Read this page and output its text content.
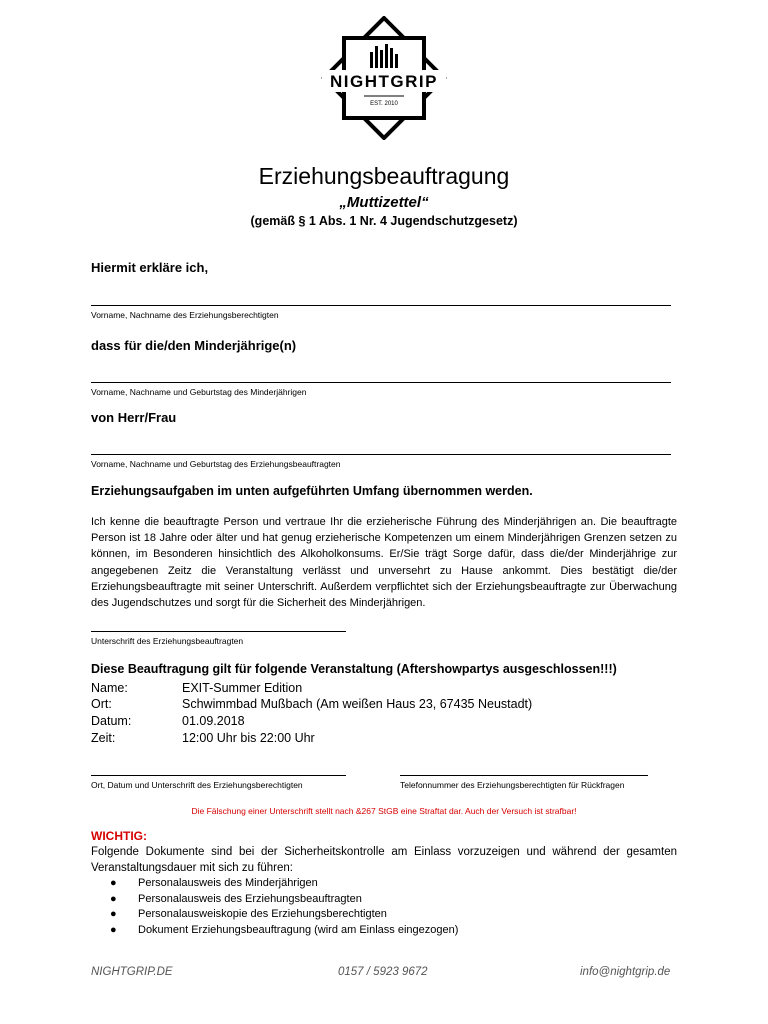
NIGHTGRIP
EST. 2010
Erziehungsbeauftragung
„Muttizettel“
(gemäß § 1 Abs. 1 Nr. 4 Jugendschutzgesetz)
Hiermit erkläre ich,
Vorname, Nachname des Erziehungsberechtigten
dass für die/den Minderjährige(n)
Vorname, Nachname und Geburtstag des Minderjährigen
von Herr/Frau
Vorname, Nachname und Geburtstag des Erziehungsbeauftragten
Erziehungsaufgaben im unten aufgeführten Umfang übernommen werden.
Ich kenne die beauftragte Person und vertraue Ihr die erzieherische Führung des Minderjährigen an. Die beauftragte Person ist 18 Jahre oder älter und hat genug erzieherische Kompetenzen um einem Minderjährigen Grenzen setzen zu können, im Besonderen hinsichtlich des Alkoholkonsums. Er/Sie trägt Sorge dafür, dass die/der Minderjährige zur angegebenen Zeitz die Veranstaltung verlässt und unversehrt zu Hause ankommt. Dies bestätigt die/der Erziehungsbeauftragte mit seiner Unterschrift. Außerdem verpflichtet sich der Erziehungsbeauftragte zur Überwachung des Jugendschutzes und sorgt für die Sicherheit des Minderjährigen.
Unterschrift des Erziehungsbeauftragten
Diese Beauftragung gilt für folgende Veranstaltung (Aftershowpartys ausgeschlossen!!!)
Name:	EXIT-Summer Edition
Ort:	Schwimmbad Mußbach (Am weißen Haus 23, 67435 Neustadt)
Datum:	01.09.2018
Zeit:	12:00 Uhr bis 22:00 Uhr
Ort, Datum und Unterschrift des Erziehungsberechtigten	Telefonnummer des Erziehungsberechtigten für Rückfragen
Die Fälschung einer Unterschrift stellt nach &267 StGB eine Straftat dar. Auch der Versuch ist strafbar!
WICHTIG:
Folgende Dokumente sind bei der Sicherheitskontrolle am Einlass vorzuzeigen und während der gesamten Veranstaltungsdauer mit sich zu führen:
●	Personalausweis des Minderjährigen
●	Personalausweis des Erziehungsbeauftragten
●	Personalausweiskopie des Erziehungsberechtigten
●	Dokument Erziehungsbeauftragung (wird am Einlass eingezogen)
NIGHTGRIP.DE	0157 / 5923 9672	info@nightgrip.de
